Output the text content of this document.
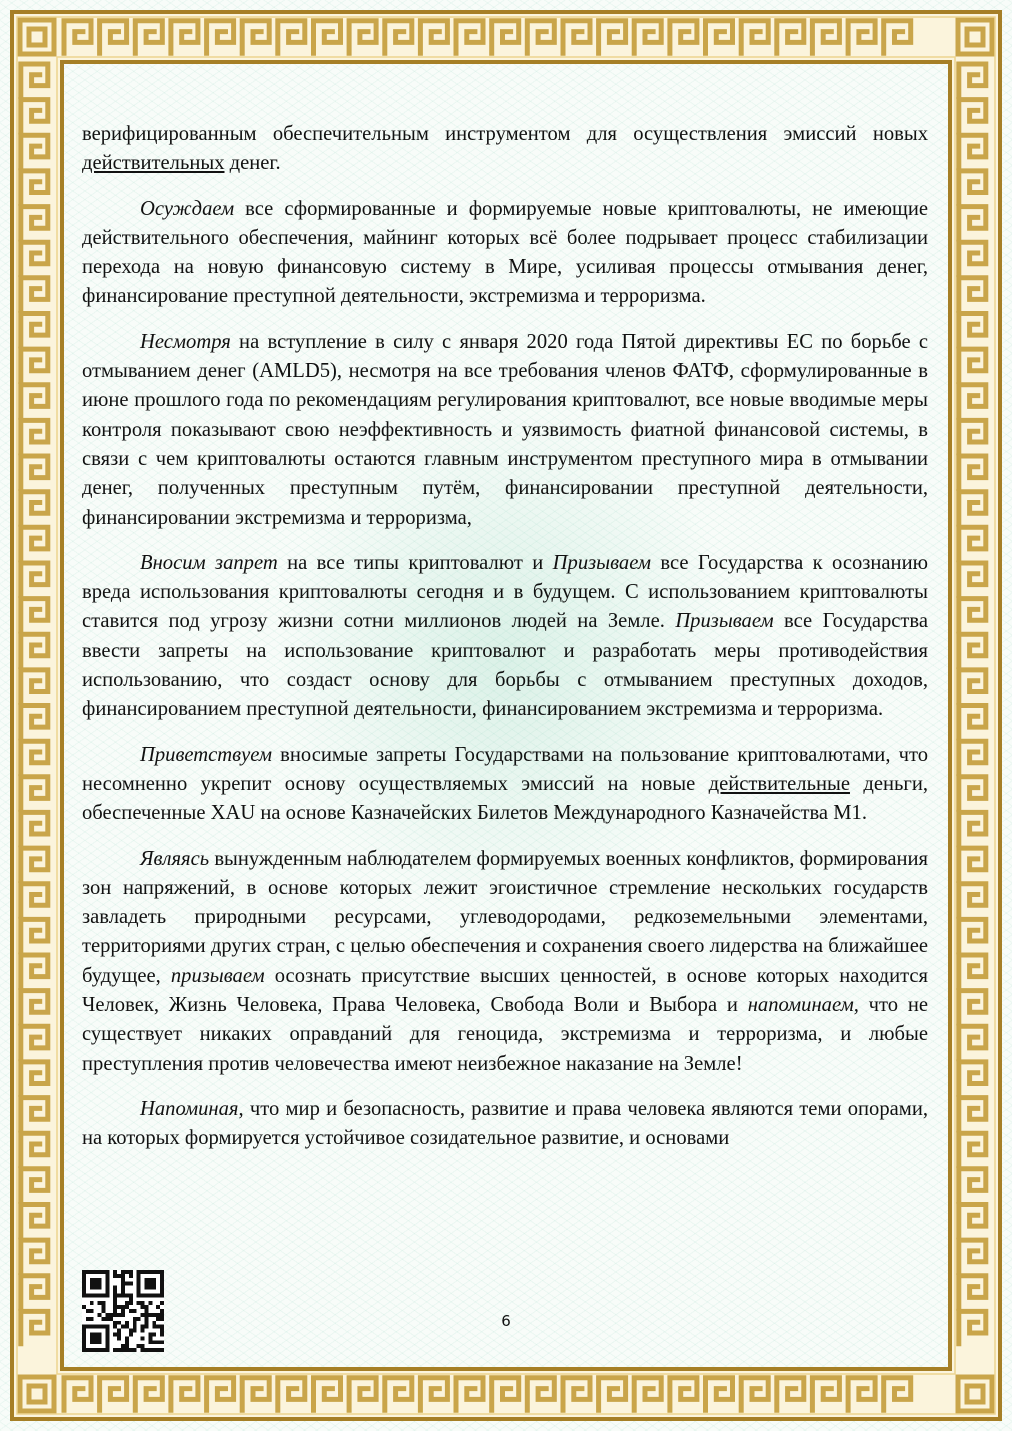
верифицированным обеспечительным инструментом для осуществления эмиссий новых действительных денег.

Осуждаем все сформированные и формируемые новые криптовалюты, не имеющие действительного обеспечения, майнинг которых всё более подрывает процесс стабилизации перехода на новую финансовую систему в Мире, усиливая процессы отмывания денег, финансирование преступной деятельности, экстремизма и терроризма.

Несмотря на вступление в силу с января 2020 года Пятой директивы ЕС по борьбе с отмыванием денег (AMLD5), несмотря на все требования членов ФАТФ, сформулированные в июне прошлого года по рекомендациям регулирования криптовалют, все новые вводимые меры контроля показывают свою неэффективность и уязвимость фиатной финансовой системы, в связи с чем криптовалюты остаются главным инструментом преступного мира в отмывании денег, полученных преступным путём, финансировании преступной деятельности, финансировании экстремизма и терроризма,

Вносим запрет на все типы криптовалют и Призываем все Государства к осознанию вреда использования криптовалюты сегодня и в будущем. С использованием криптовалюты ставится под угрозу жизни сотни миллионов людей на Земле. Призываем все Государства ввести запреты на использование криптовалют и разработать меры противодействия использованию, что создаст основу для борьбы с отмыванием преступных доходов, финансированием преступной деятельности, финансированием экстремизма и терроризма.

Приветствуем вносимые запреты Государствами на пользование криптовалютами, что несомненно укрепит основу осуществляемых эмиссий на новые действительные деньги, обеспеченные XAU на основе Казначейских Билетов Международного Казначейства М1.

Являясь вынужденным наблюдателем формируемых военных конфликтов, формирования зон напряжений, в основе которых лежит эгоистичное стремление нескольких государств завладеть природными ресурсами, углеводородами, редкоземельными элементами, территориями других стран, с целью обеспечения и сохранения своего лидерства на ближайшее будущее, призываем осознать присутствие высших ценностей, в основе которых находится Человек, Жизнь Человека, Права Человека, Свобода Воли и Выбора и напоминаем, что не существует никаких оправданий для геноцида, экстремизма и терроризма, и любые преступления против человечества имеют неизбежное наказание на Земле!

Напоминая, что мир и безопасность, развитие и права человека являются теми опорами, на которых формируется устойчивое созидательное развитие, и основами

6
